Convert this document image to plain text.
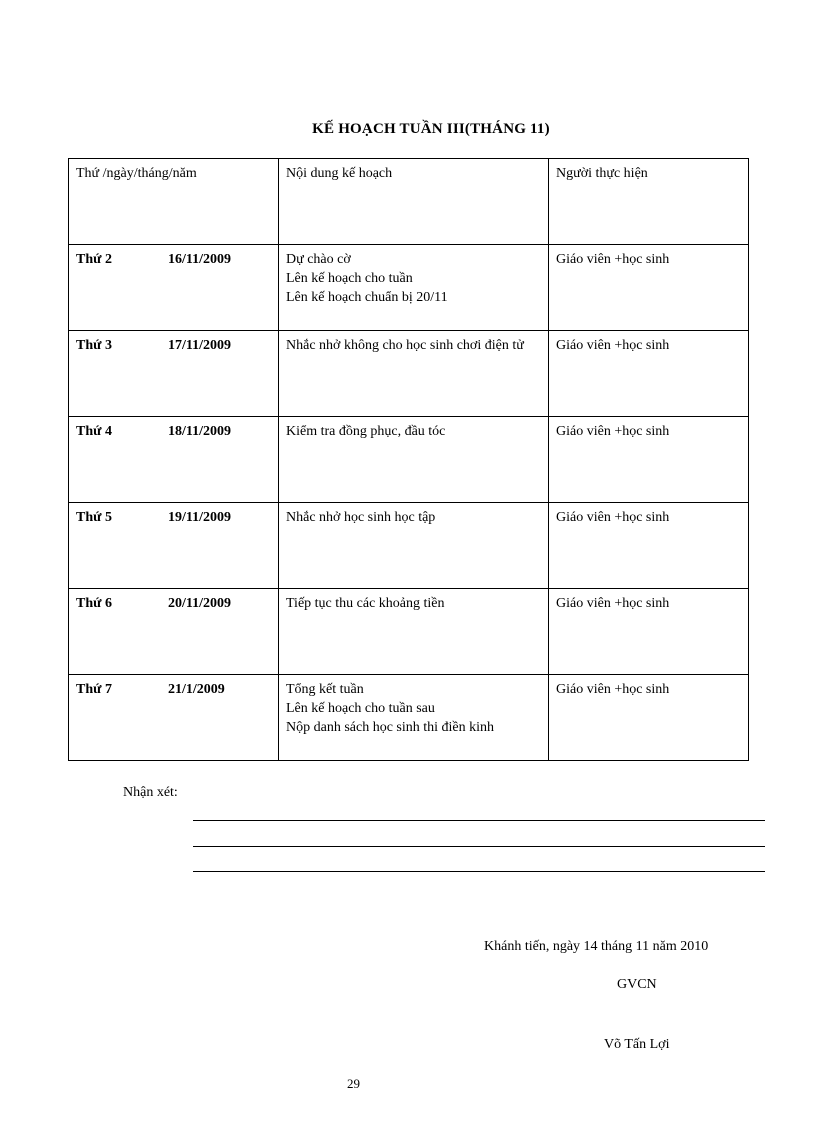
KẾ HOẠCH TUẦN III(THÁNG 11)
Thứ /ngày/tháng/năm	Nội dung kế hoạch	Người thực hiện
Thứ 2 16/11/2009	Dự chào cờ
Lên kế hoạch cho tuần
Lên kế hoạch chuẩn bị 20/11	Giáo viên +học sinh
Thứ 3 17/11/2009	Nhắc nhở không cho học sinh chơi điện tử	Giáo viên +học sinh
Thứ 4 18/11/2009	Kiểm tra đồng phục, đầu tóc	Giáo viên +học sinh
Thứ 5 19/11/2009	Nhắc nhở học sinh học tập	Giáo viên +học sinh
Thứ 6 20/11/2009	Tiếp tục thu các khoảng tiền	Giáo viên +học sinh
Thứ 7 21/1/2009	Tổng kết tuần
Lên kế hoạch cho tuần sau
Nộp danh sách học sinh thi điền kinh	Giáo viên +học sinh
Nhận xét:
Khánh tiến, ngày 14 tháng 11 năm 2010
GVCN
Võ Tấn Lợi
29
